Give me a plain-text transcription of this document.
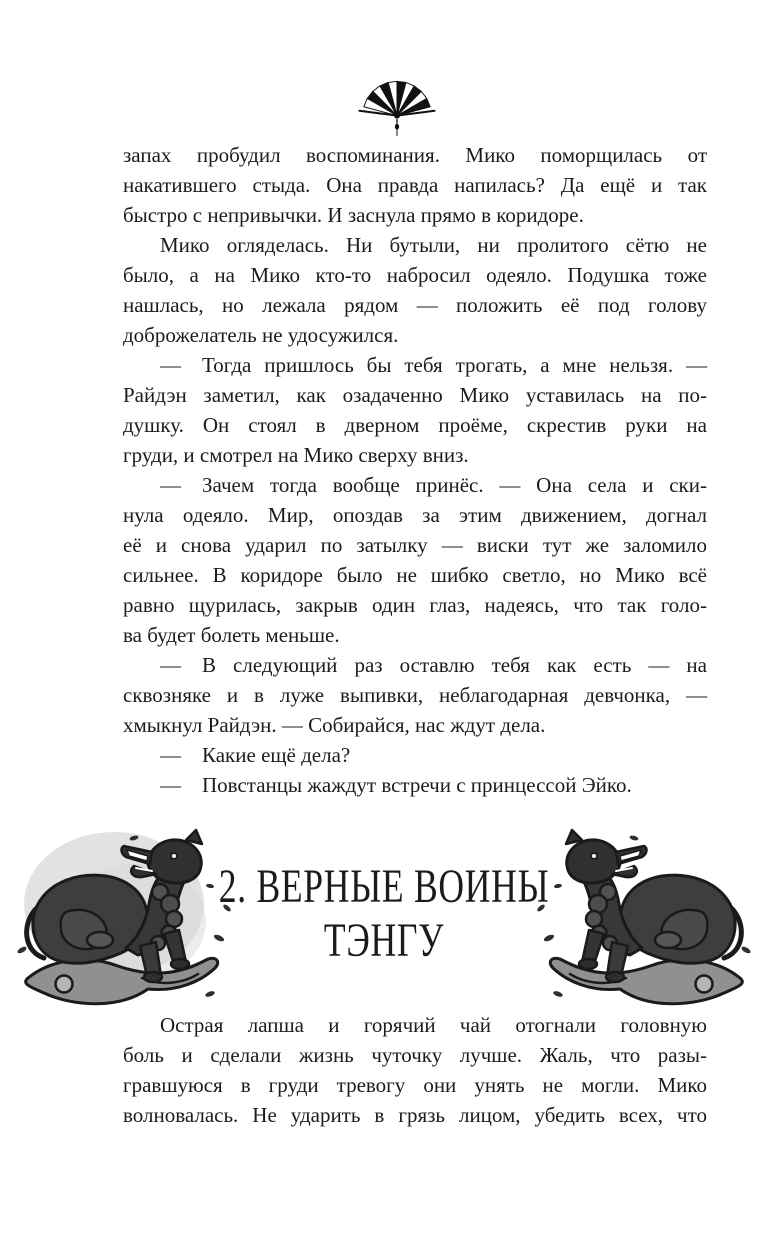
запах пробудил воспоминания. Мико поморщилась от
накатившего стыда. Она правда напилась? Да ещё и так
быстро с непривычки. И заснула прямо в коридоре.
Мико огляделась. Ни бутыли, ни пролитого сётю не
было, а на Мико кто-то набросил одеяло. Подушка тоже
нашлась, но лежала рядом — положить её под голову
доброжелатель не удосужился.
— Тогда пришлось бы тебя трогать, а мне нельзя. —
Райдэн заметил, как озадаченно Мико уставилась на по-
душку. Он стоял в дверном проёме, скрестив руки на
груди, и смотрел на Мико сверху вниз.
— Зачем тогда вообще принёс. — Она села и ски-
нула одеяло. Мир, опоздав за этим движением, догнал
её и снова ударил по затылку — виски тут же заломило
сильнее. В коридоре было не шибко светло, но Мико всё
равно щурилась, закрыв один глаз, надеясь, что так голо-
ва будет болеть меньше.
— В следующий раз оставлю тебя как есть — на
сквозняке и в луже выпивки, неблагодарная девчонка, —
хмыкнул Райдэн. — Собирайся, нас ждут дела.
— Какие ещё дела?
— Повстанцы жаждут встречи с принцессой Эйко.
2. ВЕРНЫЕ ВОИНЫ
ТЭНГУ
Острая лапша и горячий чай отогнали головную
боль и сделали жизнь чуточку лучше. Жаль, что разы-
гравшуюся в груди тревогу они унять не могли. Мико
волновалась. Не ударить в грязь лицом, убедить всех, что
